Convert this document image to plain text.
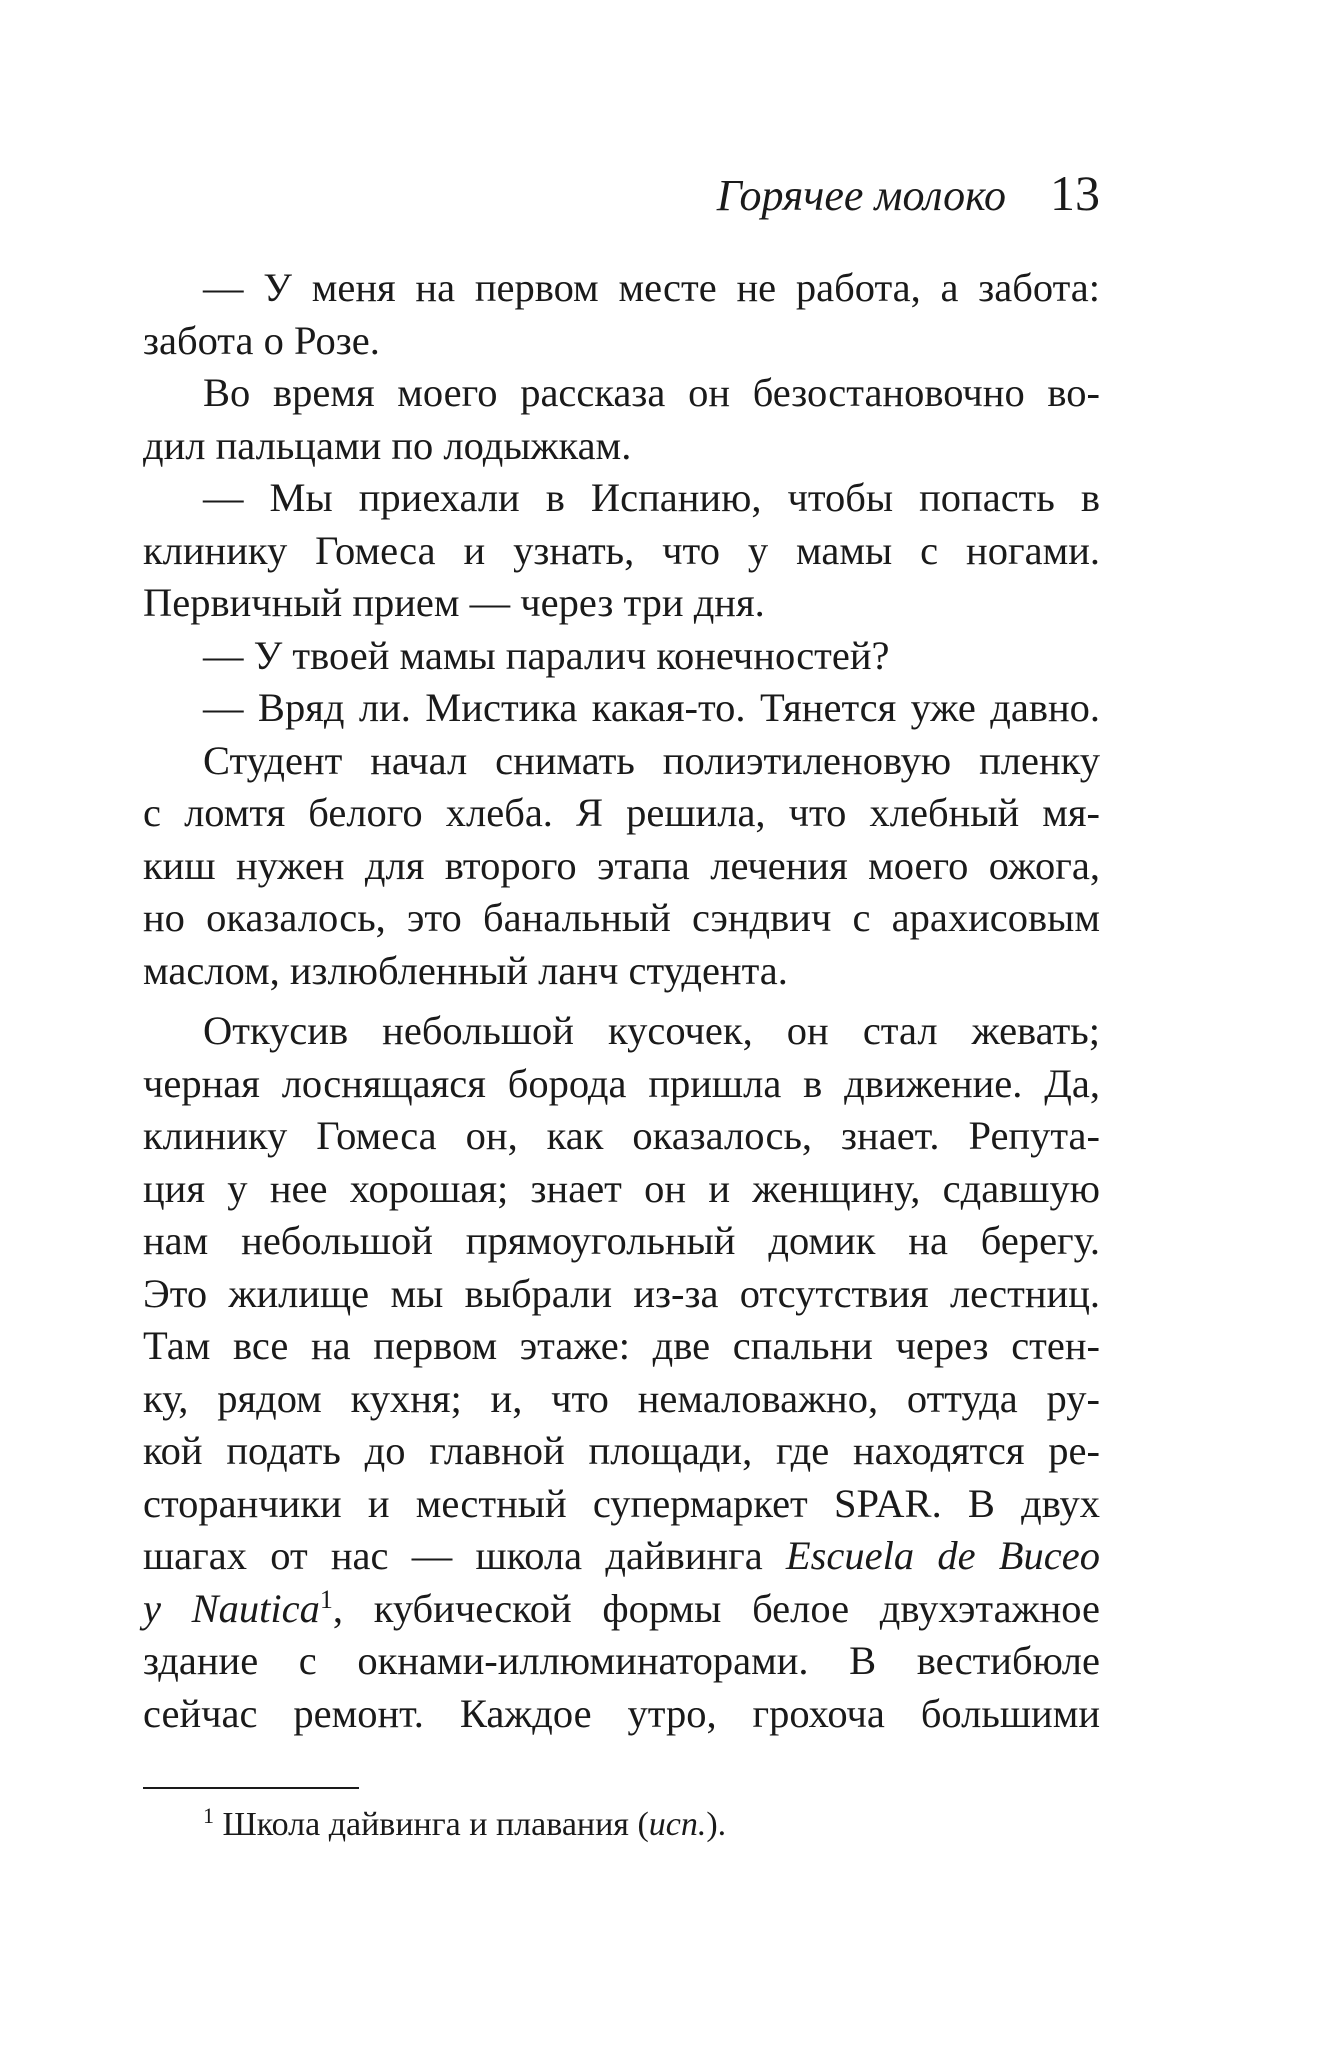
Горячее молоко 13
— У меня на первом месте не работа, а забота:
забота о Розе.
Во время моего рассказа он безостановочно во-
дил пальцами по лодыжкам.
— Мы приехали в Испанию, чтобы попасть в
клинику Гомеса и узнать, что у мамы с ногами.
Первичный прием — через три дня.
— У твоей мамы паралич конечностей?
— Вряд ли. Мистика какая-то. Тянется уже давно.
Студент начал снимать полиэтиленовую пленку
с ломтя белого хлеба. Я решила, что хлебный мя-
киш нужен для второго этапа лечения моего ожога,
но оказалось, это банальный сэндвич с арахисовым
маслом, излюбленный ланч студента.
Откусив небольшой кусочек, он стал жевать;
черная лоснящаяся борода пришла в движение. Да,
клинику Гомеса он, как оказалось, знает. Репута-
ция у нее хорошая; знает он и женщину, сдавшую
нам небольшой прямоугольный домик на берегу.
Это жилище мы выбрали из-за отсутствия лестниц.
Там все на первом этаже: две спальни через стен-
ку, рядом кухня; и, что немаловажно, оттуда ру-
кой подать до главной площади, где находятся ре-
сторанчики и местный супермаркет SPAR. В двух
шагах от нас — школа дайвинга Escuela de Buceo
y Nautica$^1$, кубической формы белое двухэтажное
здание с окнами-иллюминаторами. В вестибюле
сейчас ремонт. Каждое утро, грохоча большими
$^1$ Школа дайвинга и плавания (исп.).
